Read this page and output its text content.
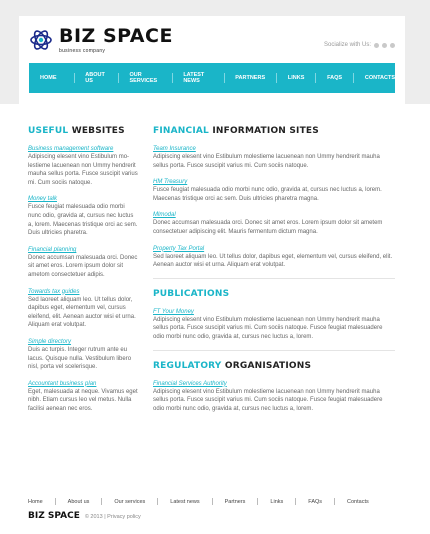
BIZ SPACE
business company
Socialize with Us:
HOME	ABOUT US
OUR SERVICES
LATEST NEWS	PARTNERS	LINKS	FAQS	CONTACTS
USEFUL WEBSITES
Business management software
Adipiscing elesent vino Estibulum mo- lestieme lacuenean non Ummy hendrerit mauha sellus porta. Fusce suscipit varius mi. Cum sociis natoque.
Money talk
Fusce feugiat malesuada odio morbi nunc odio, gravida at, cursus nec luctus a, lorem. Maecenas tristique orci ac sem. Duis ultricies pharetra.
Financial planning
Donec accumsan malesuada orci. Donec sit amet eros. Lorem ipsum dolor sit ametom consectetuer adipis.
Towards tax guides
Sed laoreet aliquam leo. Ut tellus dolor, dapibus eget, elementum vel, cursus eleifend, elit. Aenean auctor wisi et urna. Aliquam erat volutpat.
Simple directory
Duis ac turpis. Integer rutrum ante eu lacus. Quisque nulla. Vestibulum libero nisl, porta vel scelerisque.
Accountant business plan
Eget, malesuada at neque. Vivamus eget nibh. Etiam cursus leo vel metus. Nulla facilisi aenean nec eros.
FINANCIAL INFORMATION SITES
Team Insurance
Adipiscing elesent vino Estibulum molestieme lacuenean non Ummy hendrerit mauha sellus porta. Fusce suscipit varius mi. Cum sociis natoque.
HM Treasury
Fusce feugiat malesuada odio morbi nunc odio, gravida at, cursus nec luctus a, lorem. Maecenas tristique orci ac sem. Duis ultricies pharetra magna.
Mlmodal
Donec accumsan malesuada orci. Donec sit amet eros. Lorem ipsum dolor sit ametem consectetuer adipiscing elit. Mauris fermentum dictum magna.
Property Tax Portal
Sed laoreet aliquam leo. Ut tellus dolor, dapibus eget, elementum vel, cursus eleifend, elit. Aenean auctor wisi et urna. Aliquam erat volutpat.
PUBLICATIONS
FT Your Money
Adipiscing elesent vino Estibulum molestieme lacuenean non Ummy hendrerit mauha sellus porta. Fusce suscipit varius mi. Cum sociis natoque. Fusce feugiat malesuadere odio morbi nunc odio, gravida at, cursus nec luctus a, lorem.
REGULATORY ORGANISATIONS
Financial Services Authority
Adipiscing elesent vino Estibulum molestieme lacuenean non Ummy hendrerit mauha sellus porta. Fusce suscipit varius mi. Cum sociis natoque. Fusce feugiat malesuadere odio morbi nunc odio, gravida at, cursus nec luctus a, lorem.
Home	About us	Our services	Latest news	Partners	Links	FAQs	Contacts
BIZ SPACE © 2013 | Privacy policy
